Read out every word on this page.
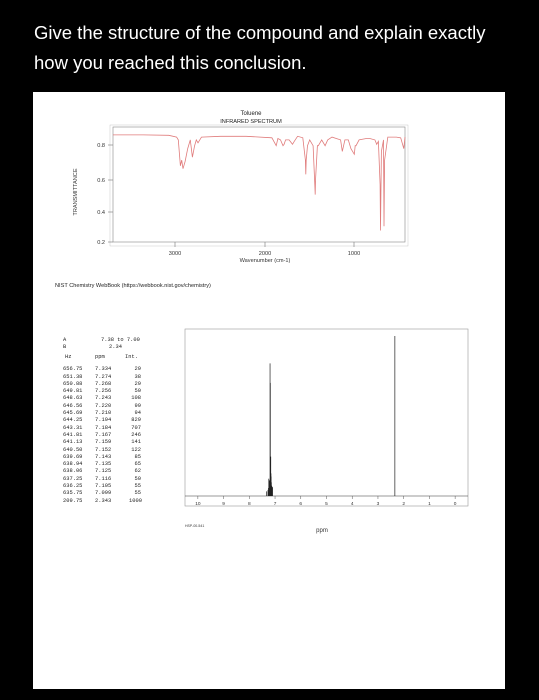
Give the structure of the compound and explain exactly how you reached this conclusion.
Toluene
INFRARED SPECTRUM
0.8
0.6
0.4
0.2
TRANSMITTANCE
3000	2000	1000
Wavenumber (cm-1)
NIST Chemistry WebBook (https://webbook.nist.gov/chemistry)
A	7.38 to 7.00
B	2.34
Hz	ppm	Int.
656.75 7.334	29
651.38 7.274	38
650.88 7.268	29
649.81 7.256	50
648.63 7.243	108
646.56 7.220	99
645.69 7.210	94
644.25 7.194	829
643.31 7.184	707
641.81 7.167	246
641.13 7.159	141
640.50 7.152	122
639.69 7.143	85
638.94 7.135	65
638.06 7.125	62
637.25 7.116	50
636.25 7.105	55
635.75 7.099	55
209.75 2.343	1000
10	9	8	7	6	5	4	3	2	1	0
ppm
HSP-00-541
